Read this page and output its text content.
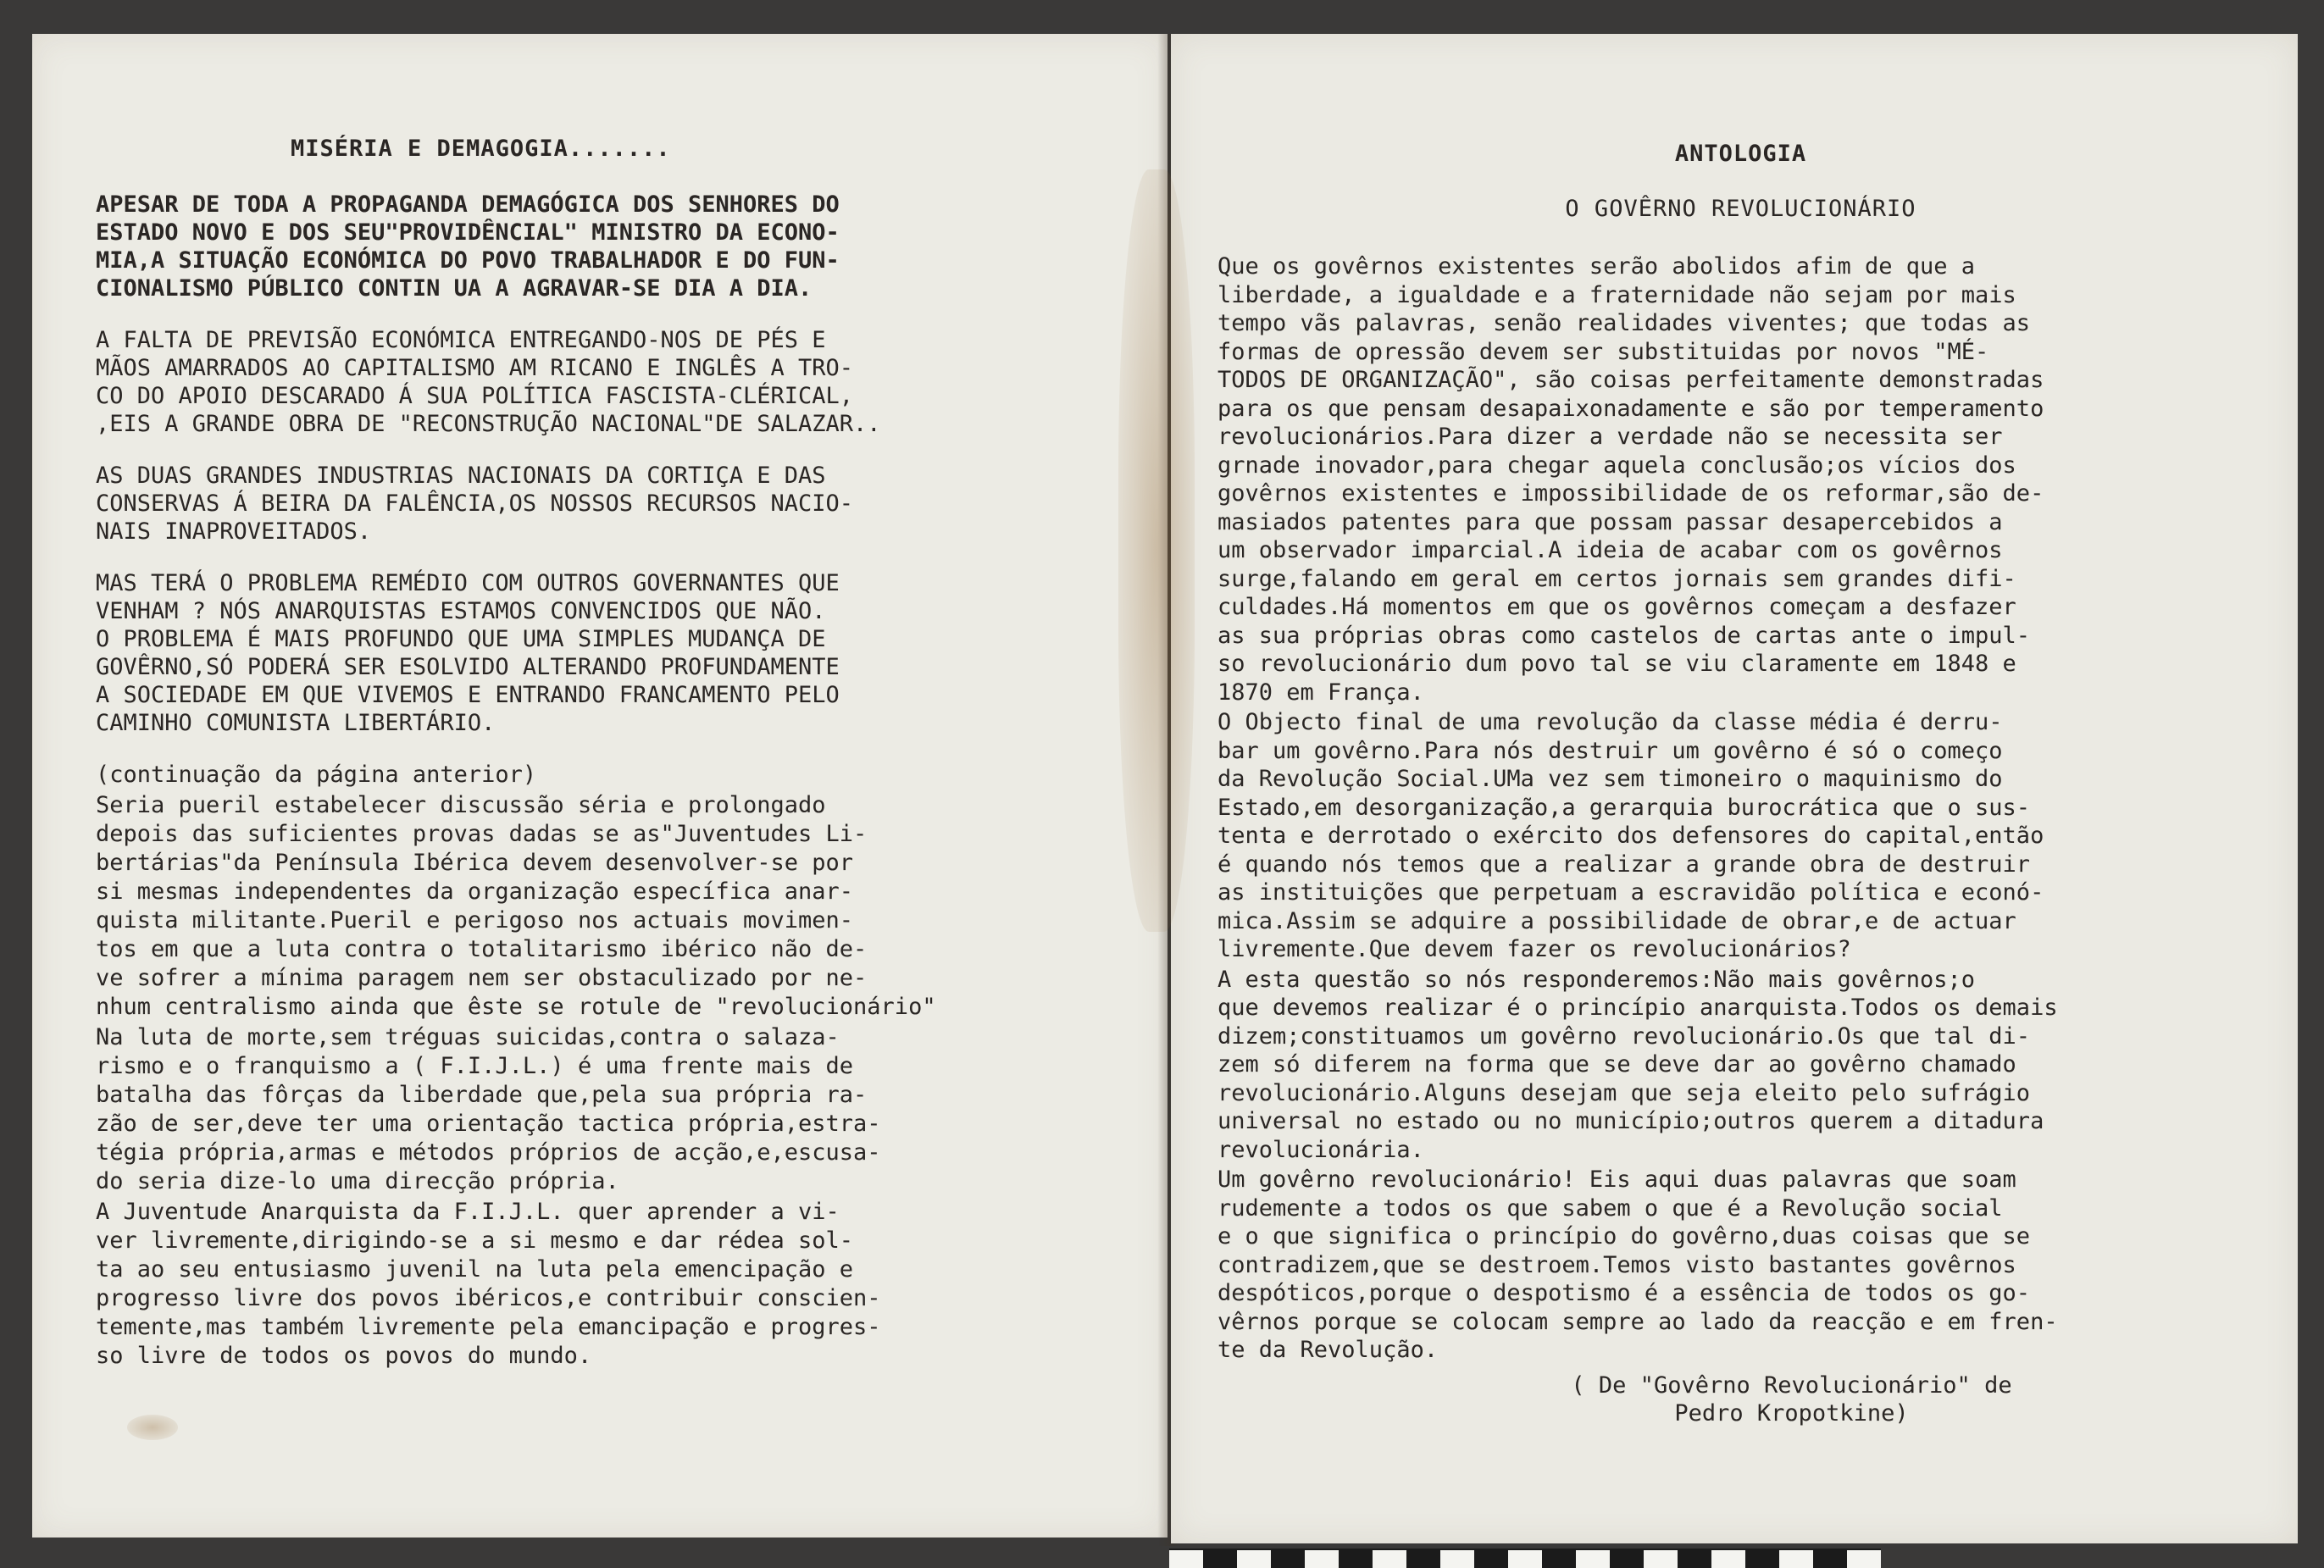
MISÉRIA E DEMAGOGIA.......

APESAR DE TODA A PROPAGANDA DEMAGÓGICA DOS SENHORES DO
ESTADO NOVO E DOS SEU"PROVIDÊNCIAL" MINISTRO DA ECONO-
MIA,A SITUAÇÃO ECONÓMICA DO POVO TRABALHADOR E DO FUN-
CIONALISMO PÚBLICO CONTIN UA A AGRAVAR-SE DIA A DIA.

A FALTA DE PREVISÃO ECONÓMICA ENTREGANDO-NOS DE PÉS E
MÃOS AMARRADOS AO CAPITALISMO AM RICANO E INGLÊS A TRO-
CO DO APOIO DESCARADO Á SUA POLÍTICA FASCISTA-CLÉRICAL,
,EIS A GRANDE OBRA DE "RECONSTRUÇÃO NACIONAL"DE SALAZAR..

AS DUAS GRANDES INDUSTRIAS NACIONAIS DA CORTIÇA E DAS
CONSERVAS Á BEIRA DA FALÊNCIA,OS NOSSOS RECURSOS NACIO-
NAIS INAPROVEITADOS.

MAS TERÁ O PROBLEMA REMÉDIO COM OUTROS GOVERNANTES QUE
VENHAM ? NÓS ANARQUISTAS ESTAMOS CONVENCIDOS QUE NÃO.
O PROBLEMA É MAIS PROFUNDO QUE UMA SIMPLES MUDANÇA DE
GOVÊRNO,SÓ PODERÁ SER ESOLVIDO ALTERANDO PROFUNDAMENTE
A SOCIEDADE EM QUE VIVEMOS E ENTRANDO FRANCAMENTO PELO
CAMINHO COMUNISTA LIBERTÁRIO.

(continuação da página anterior)

Seria pueril estabelecer discussão séria e prolongado
depois das suficientes provas dadas se as"Juventudes Li-
bertárias"da Península Ibérica devem desenvolver-se por
si mesmas independentes da organização específica anar-
quista militante.Pueril e perigoso nos actuais movimen-
tos em que a luta contra o totalitarismo ibérico não de-
ve sofrer a mínima paragem nem ser obstaculizado por ne-
nhum centralismo ainda que êste se rotule de "revolucionário"

Na luta de morte,sem tréguas suicidas,contra o salaza-
rismo e o franquismo a ( F.I.J.L.) é uma frente mais de
batalha das fôrças da liberdade que,pela sua própria ra-
zão de ser,deve ter uma orientação tactica própria,estra-
tégia própria,armas e métodos próprios de acção,e,escusa-
do seria dize-lo uma direcção própria.

A Juventude Anarquista da F.I.J.L. quer aprender a vi-
ver livremente,dirigindo-se a si mesmo e dar rédea sol-
ta ao seu entusiasmo juvenil na luta pela emencipação e
progresso livre dos povos ibéricos,e contribuir conscien-
temente,mas também livremente pela emancipação e progres-
so livre de todos os povos do mundo.

ANTOLOGIA
O GOVÊRNO REVOLUCIONÁRIO

Que os govêrnos existentes serão abolidos afim de que a
liberdade, a igualdade e a fraternidade não sejam por mais
tempo vãs palavras, senão realidades viventes; que todas as
formas de opressão devem ser substituidas por novos "MÉ-
TODOS DE ORGANIZAÇÃO", são coisas perfeitamente demonstradas
para os que pensam desapaixonadamente e são por temperamento
revolucionários.Para dizer a verdade não se necessita ser
grnade inovador,para chegar aquela conclusão;os vícios dos
govêrnos existentes e impossibilidade de os reformar,são de-
masiados patentes para que possam passar desapercebidos a
um observador imparcial.A ideia de acabar com os govêrnos
surge,falando em geral em certos jornais sem grandes difi-
culdades.Há momentos em que os govêrnos começam a desfazer
as sua próprias obras como castelos de cartas ante o impul-
so revolucionário dum povo tal se viu claramente em 1848 e
1870 em França.

O Objecto final de uma revolução da classe média é derru-
bar um govêrno.Para nós destruir um govêrno é só o começo
da Revolução Social.UMa vez sem timoneiro o maquinismo do
Estado,em desorganização,a gerarquia burocrática que o sus-
tenta e derrotado o exército dos defensores do capital,então
é quando nós temos que a realizar a grande obra de destruir
as instituições que perpetuam a escravidão política e econó-
mica.Assim se adquire a possibilidade de obrar,e de actuar
livremente.Que devem fazer os revolucionários?

A esta questão so nós responderemos:Não mais govêrnos;o
que devemos realizar é o princípio anarquista.Todos os demais
dizem;constituamos um govêrno revolucionário.Os que tal di-
zem só diferem na forma que se deve dar ao govêrno chamado
revolucionário.Alguns desejam que seja eleito pelo sufrágio
universal no estado ou no município;outros querem a ditadura
revolucionária.

Um govêrno revolucionário! Eis aqui duas palavras que soam
rudemente a todos os que sabem o que é a Revolução social
e o que significa o princípio do govêrno,duas coisas que se
contradizem,que se destroem.Temos visto bastantes govêrnos
despóticos,porque o despotismo é a essência de todos os go-
vêrnos porque se colocam sempre ao lado da reacção e em fren-
te da Revolução.

( De "Govêrno Revolucionário" de
Pedro Kropotkine)
